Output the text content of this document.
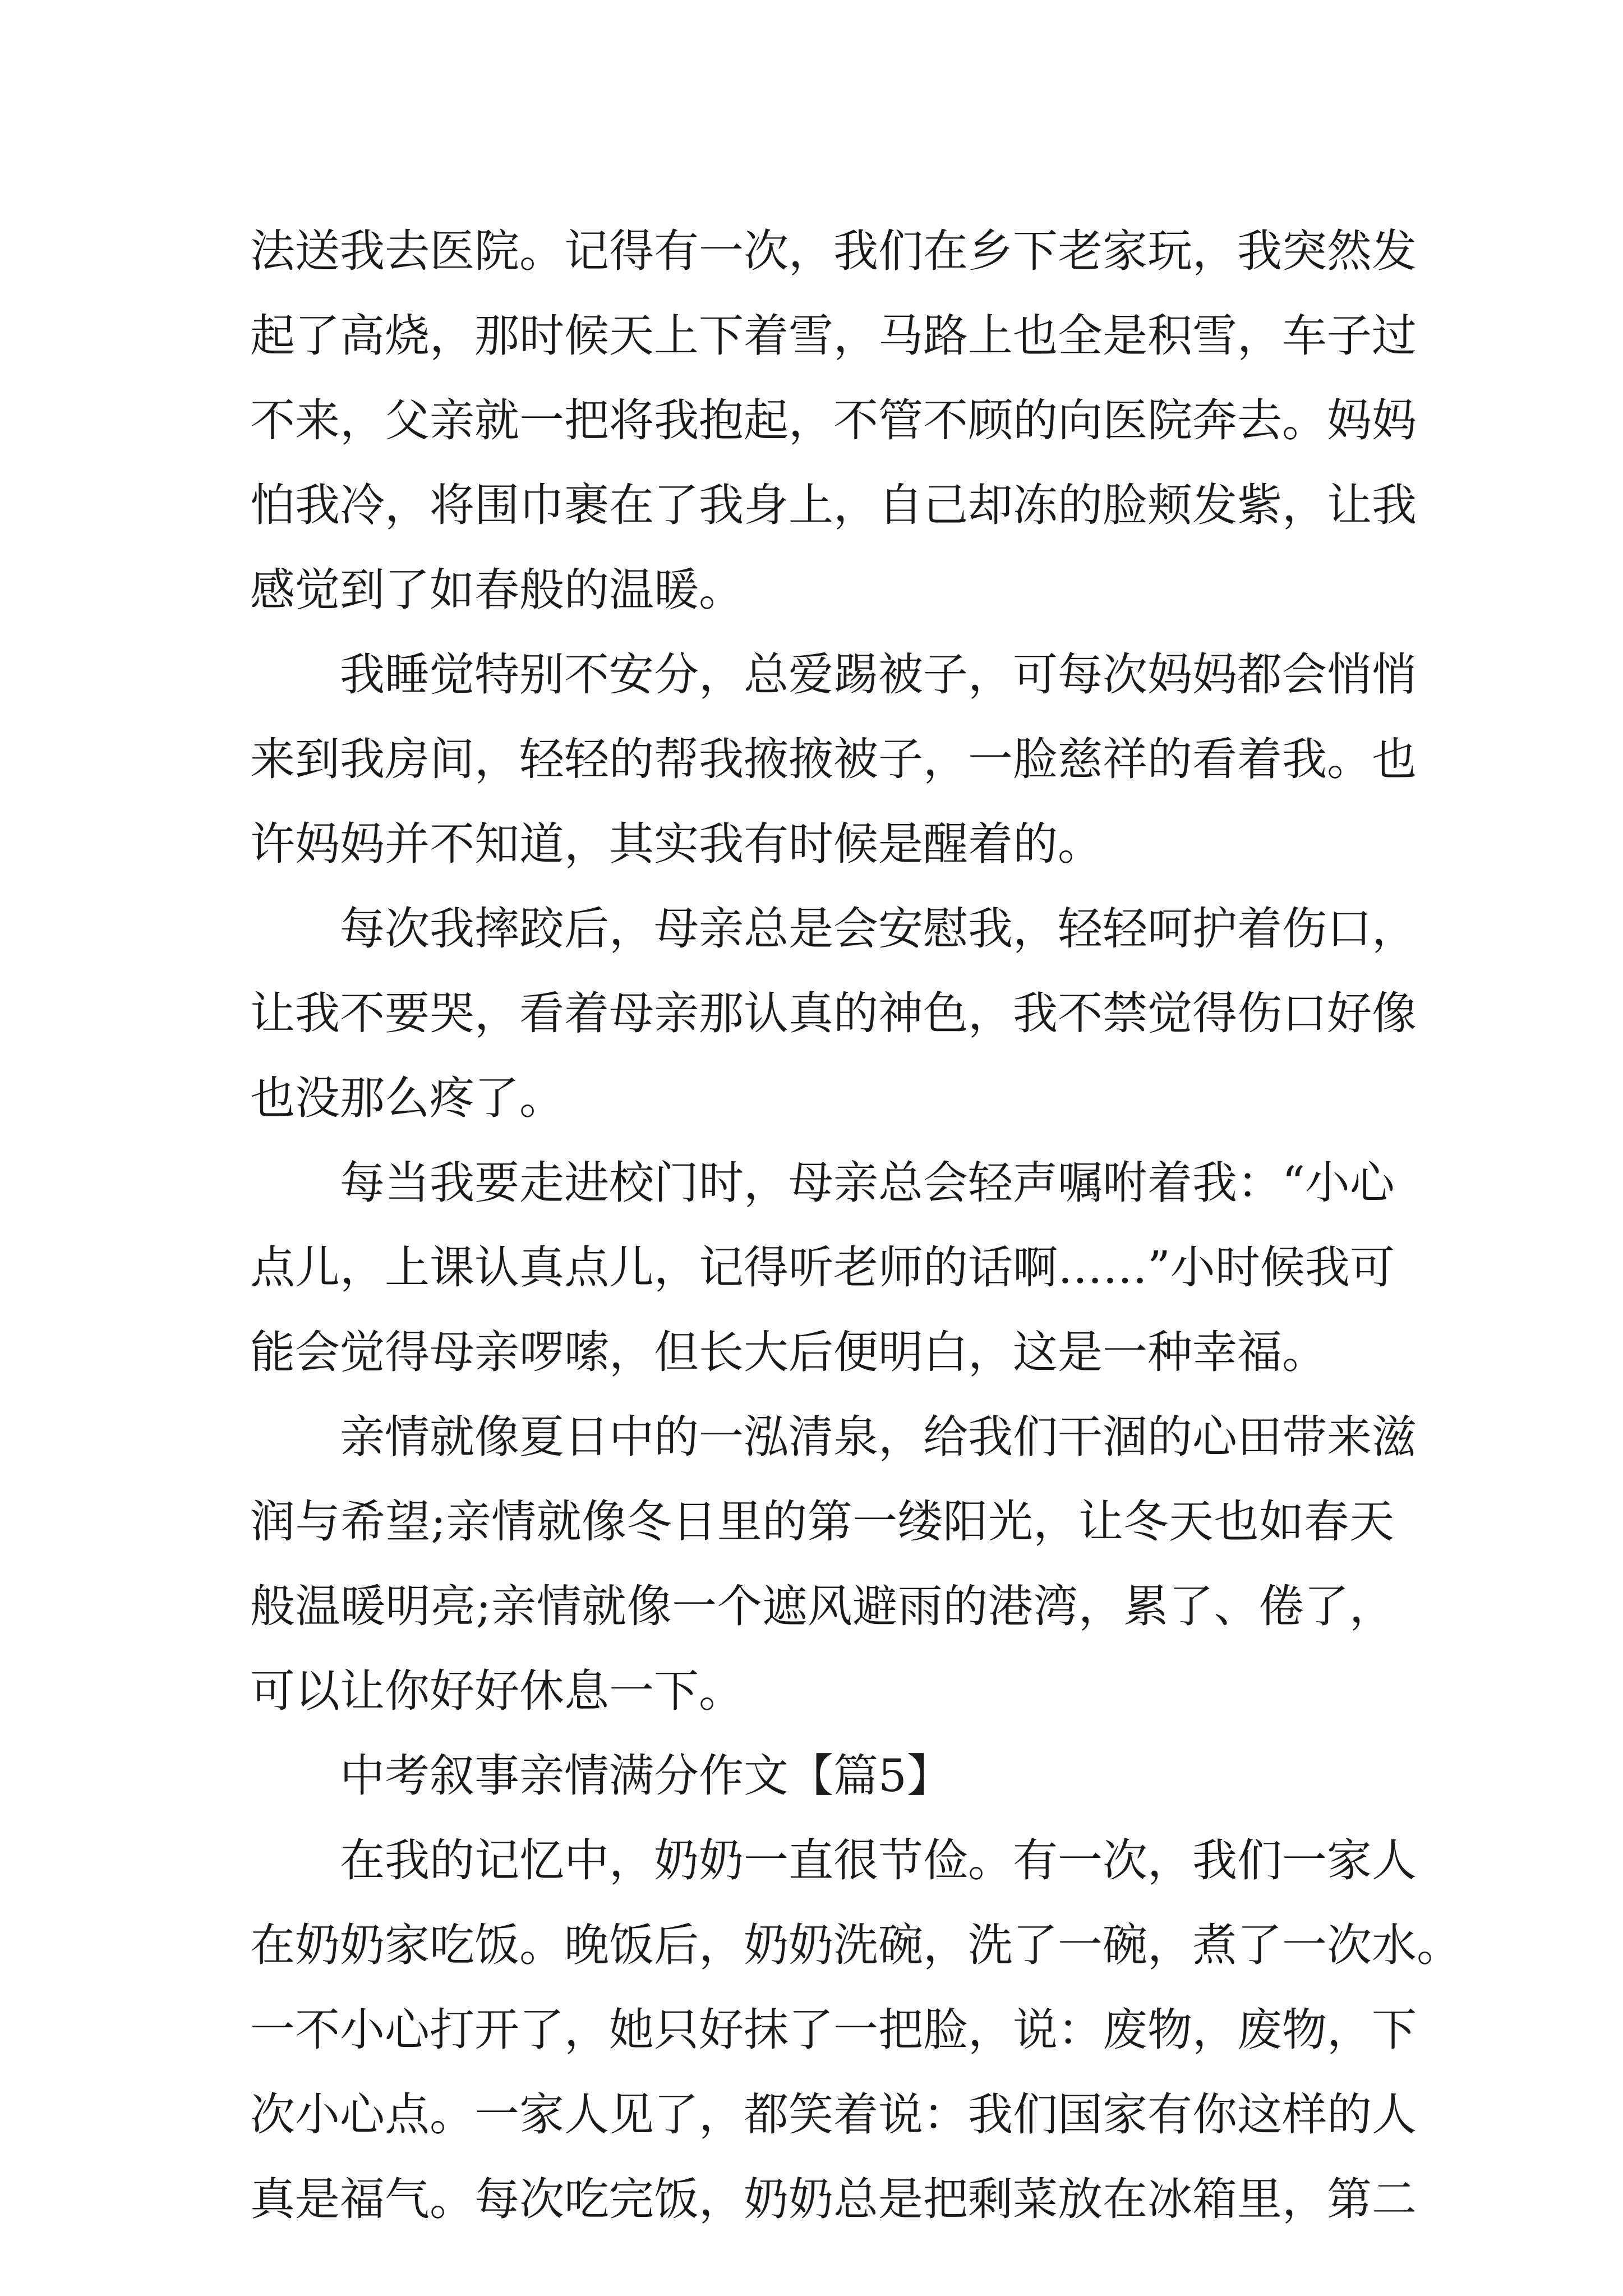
法送我去医院。记得有一次，我们在乡下老家玩，我突然发
起了高烧，那时候天上下着雪，马路上也全是积雪，车子过
不来，父亲就一把将我抱起，不管不顾的向医院奔去。妈妈
怕我冷，将围巾裹在了我身上，自己却冻的脸颊发紫，让我
感觉到了如春般的温暖。
我睡觉特别不安分，总爱踢被子，可每次妈妈都会悄悄
来到我房间，轻轻的帮我掖掖被子，一脸慈祥的看着我。也
许妈妈并不知道，其实我有时候是醒着的。
每次我摔跤后，母亲总是会安慰我，轻轻呵护着伤口，
让我不要哭，看着母亲那认真的神色，我不禁觉得伤口好像
也没那么疼了。
每当我要走进校门时，母亲总会轻声嘱咐着我：“小心
点儿，上课认真点儿，记得听老师的话啊……”小时候我可
能会觉得母亲啰嗦，但长大后便明白，这是一种幸福。
亲情就像夏日中的一泓清泉，给我们干涸的心田带来滋
润与希望;亲情就像冬日里的第一缕阳光，让冬天也如春天
般温暖明亮;亲情就像一个遮风避雨的港湾，累了、倦了，
可以让你好好休息一下。
中考叙事亲情满分作文【篇5】
在我的记忆中，奶奶一直很节俭。有一次，我们一家人
在奶奶家吃饭。晚饭后，奶奶洗碗，洗了一碗，煮了一次水。
一不小心打开了，她只好抹了一把脸，说：废物，废物，下
次小心点。一家人见了，都笑着说：我们国家有你这样的人
真是福气。每次吃完饭，奶奶总是把剩菜放在冰箱里，第二
